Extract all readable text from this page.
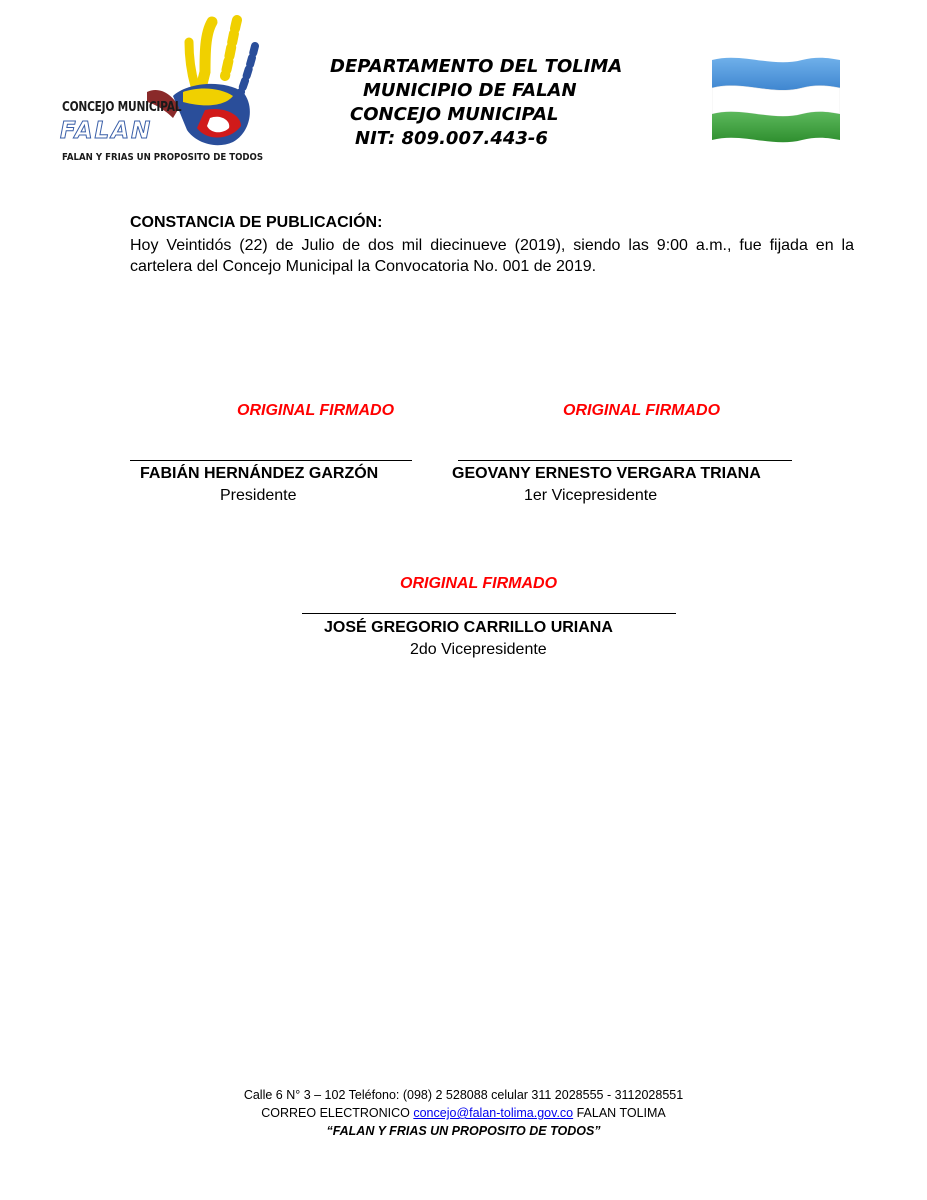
CONCEJO MUNICIPAL
FALAN
FALAN Y FRIAS UN PROPOSITO DE TODOS
DEPARTAMENTO DEL TOLIMA
MUNICIPIO DE FALAN
CONCEJO MUNICIPAL
NIT: 809.007.443-6
CONSTANCIA DE PUBLICACIÓN:
Hoy Veintidós (22) de Julio de dos mil diecinueve (2019), siendo las 9:00 a.m., fue fijada en la cartelera del Concejo Municipal la Convocatoria No. 001 de 2019.
ORIGINAL FIRMADO	ORIGINAL FIRMADO
FABIÁN HERNÁNDEZ GARZÓN	GEOVANY ERNESTO VERGARA TRIANA
Presidente	1er Vicepresidente
ORIGINAL FIRMADO
JOSÉ GREGORIO CARRILLO URIANA
2do Vicepresidente
Calle 6 N° 3 – 102 Teléfono: (098) 2 528088 celular 311 2028555 - 3112028551
CORREO ELECTRONICO concejo@falan-tolima.gov.co FALAN TOLIMA
“FALAN Y FRIAS UN PROPOSITO DE TODOS”
